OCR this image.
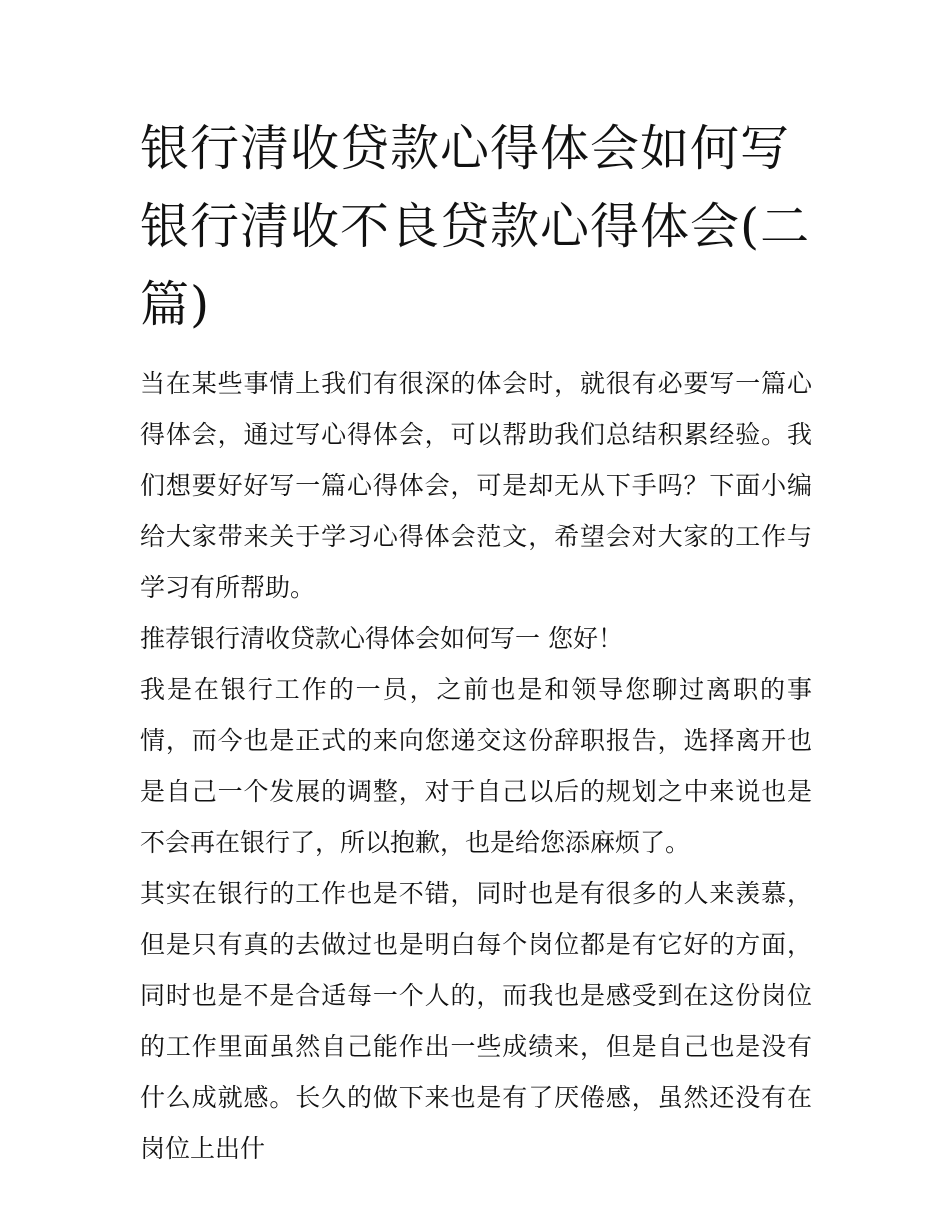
银行清收贷款心得体会如何写 银行清收不良贷款心得体会(二篇)

当在某些事情上我们有很深的体会时，就很有必要写一篇心得体会，通过写心得体会，可以帮助我们总结积累经验。我们想要好好写一篇心得体会，可是却无从下手吗？下面小编给大家带来关于学习心得体会范文，希望会对大家的工作与学习有所帮助。

推荐银行清收贷款心得体会如何写一 您好！

我是在银行工作的一员，之前也是和领导您聊过离职的事情，而今也是正式的来向您递交这份辞职报告，选择离开也是自己一个发展的调整，对于自己以后的规划之中来说也是不会再在银行了，所以抱歉，也是给您添麻烦了。

其实在银行的工作也是不错，同时也是有很多的人来羡慕，但是只有真的去做过也是明白每个岗位都是有它好的方面，同时也是不是合适每一个人的，而我也是感受到在这份岗位的工作里面虽然自己能作出一些成绩来，但是自己也是没有什么成就感。长久的做下来也是有了厌倦感，虽然还没有在岗位上出什
